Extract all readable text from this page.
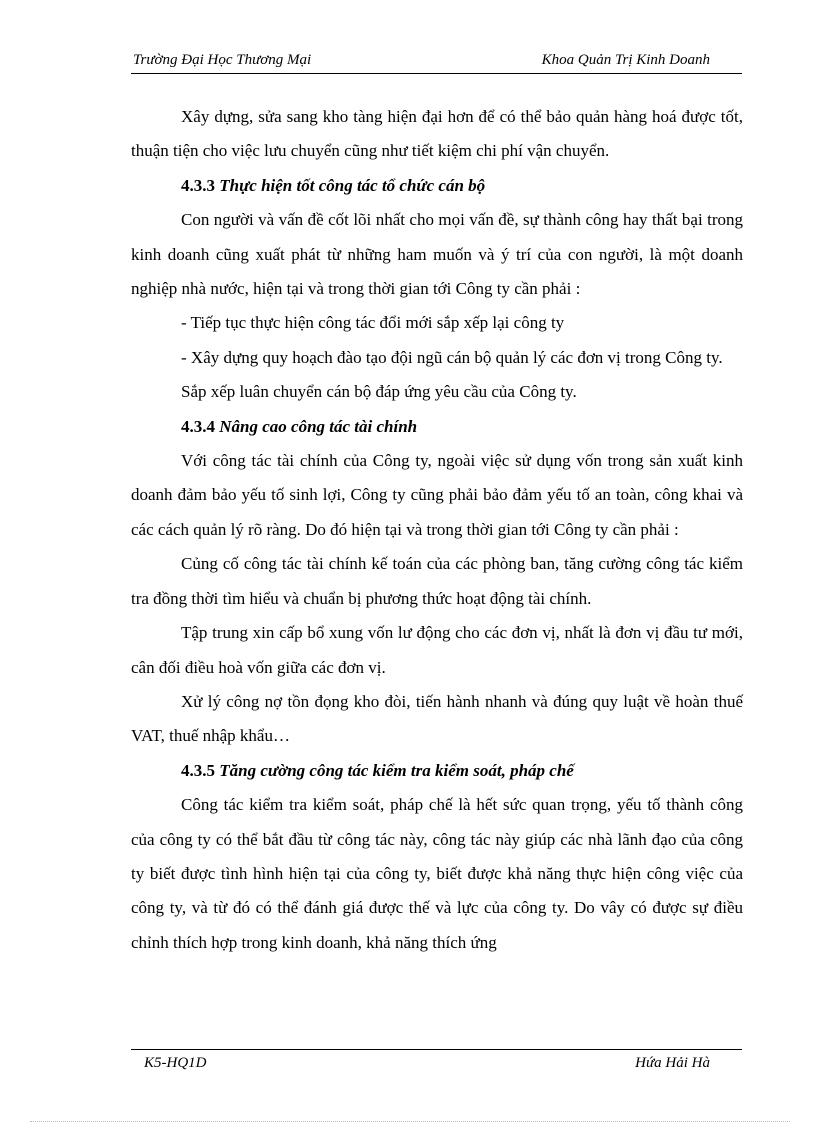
Trường Đại Học Thương Mại	Khoa Quản Trị Kinh Doanh

Xây dựng, sửa sang kho tàng hiện đại hơn để có thể bảo quản hàng hoá được tốt, thuận tiện cho việc lưu chuyển cũng như tiết kiệm chi phí vận chuyển.

4.3.3 Thực hiện tốt công tác tổ chức cán bộ

Con người và vấn đề cốt lõi nhất cho mọi vấn đề, sự thành công hay thất bại trong kinh doanh cũng xuất phát từ những ham muốn và ý trí của con người, là một doanh nghiệp nhà nước, hiện tại và trong thời gian tới Công ty cần phải :

- Tiếp tục thực hiện công tác đổi mới sắp xếp lại công ty

- Xây dựng quy hoạch đào tạo đội ngũ cán bộ quản lý các đơn vị trong Công ty.

Sắp xếp luân chuyển cán bộ đáp ứng yêu cầu của Công ty.

4.3.4 Nâng cao công tác tài chính

Với công tác tài chính của Công ty, ngoài việc sử dụng vốn trong sản xuất kinh doanh đảm bảo yếu tố sinh lợi, Công ty cũng phải bảo đảm yếu tố an toàn, công khai và các cách quản lý rõ ràng. Do đó hiện tại và trong thời gian tới Công ty cần phải :

Củng cố công tác tài chính kế toán của các phòng ban, tăng cường công tác kiểm tra đồng thời tìm hiểu và chuẩn bị phương thức hoạt động tài chính.

Tập trung xin cấp bổ xung vốn lư động cho các đơn vị, nhất là đơn vị đầu tư mới, cân đối điều hoà vốn giữa các đơn vị.

Xử lý công nợ tồn đọng kho đòi, tiến hành nhanh và đúng quy luật về hoàn thuế VAT, thuế nhập khẩu…

4.3.5 Tăng cường công tác kiểm tra kiểm soát, pháp chế

Công tác kiểm tra kiểm soát, pháp chế là hết sức quan trọng, yếu tố thành công của công ty có thể bắt đầu từ công tác này, công tác này giúp các nhà lãnh đạo của công ty biết được tình hình hiện tại của công ty, biết được khả năng thực hiện công việc của công ty, và từ đó có thể đánh giá được thế và lực của công ty. Do vây có được sự điều chỉnh thích hợp trong kinh doanh, khả năng thích ứng

K5-HQ1D	Hứa Hải Hà
